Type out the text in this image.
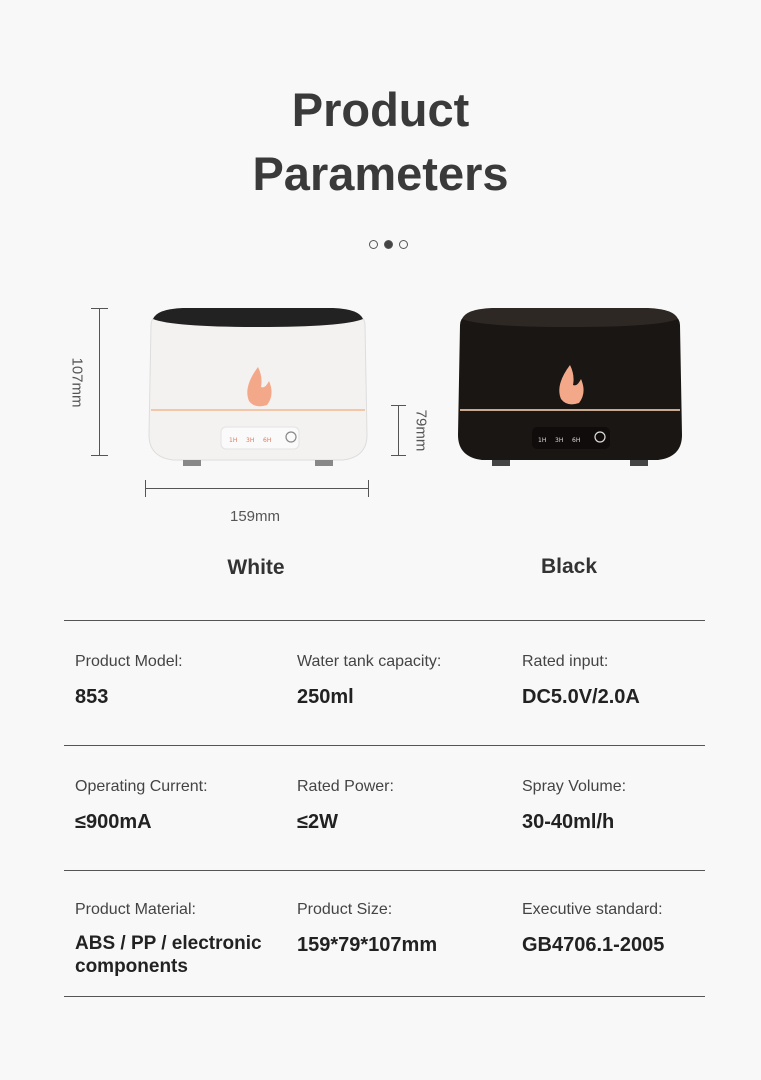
Product
Parameters
107mm
159mm
79mm
1H 3H 6H	1H 3H 6H
White	Black
Product Model:
853
Water tank capacity:
250ml
Rated input:
DC5.0V/2.0A
Operating Current:
≤900mA
Rated Power:
≤2W
Spray Volume:
30-40ml/h
Product Material:
ABS / PP / electronic components
Product Size:
159*79*107mm
Executive standard:
GB4706.1-2005
